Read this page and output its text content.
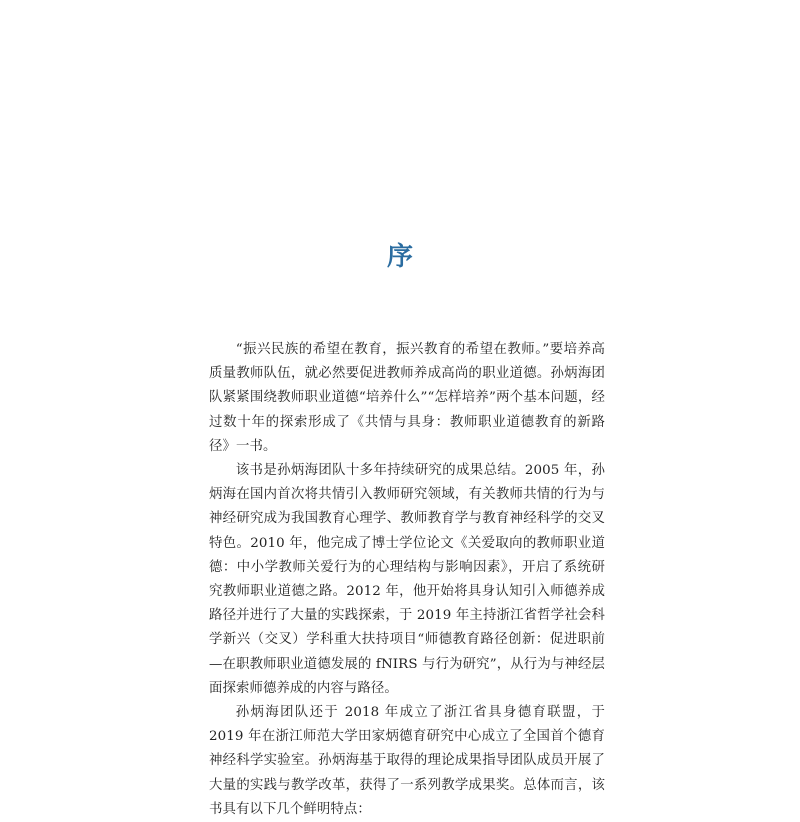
序

“振兴民族的希望在教育，振兴教育的希望在教师。”要培养高质量教师队伍，就必然要促进教师养成高尚的职业道德。孙炳海团队紧紧围绕教师职业道德“培养什么”“怎样培养”两个基本问题，经过数十年的探索形成了《共情与具身：教师职业道德教育的新路径》一书。

该书是孙炳海团队十多年持续研究的成果总结。2005 年，孙炳海在国内首次将共情引入教师研究领域，有关教师共情的行为与神经研究成为我国教育心理学、教师教育学与教育神经科学的交叉特色。2010 年，他完成了博士学位论文《关爱取向的教师职业道德：中小学教师关爱行为的心理结构与影响因素》，开启了系统研究教师职业道德之路。2012 年，他开始将具身认知引入师德养成路径并进行了大量的实践探索，于 2019 年主持浙江省哲学社会科学新兴（交叉）学科重大扶持项目“师德教育路径创新：促进职前—在职教师职业道德发展的 fNIRS 与行为研究”，从行为与神经层面探索师德养成的内容与路径。

孙炳海团队还于 2018 年成立了浙江省具身德育联盟，于 2019 年在浙江师范大学田家炳德育研究中心成立了全国首个德育神经科学实验室。孙炳海基于取得的理论成果指导团队成员开展了大量的实践与教学改革，获得了一系列教学成果奖。总体而言，该书具有以下几个鲜明特点：
